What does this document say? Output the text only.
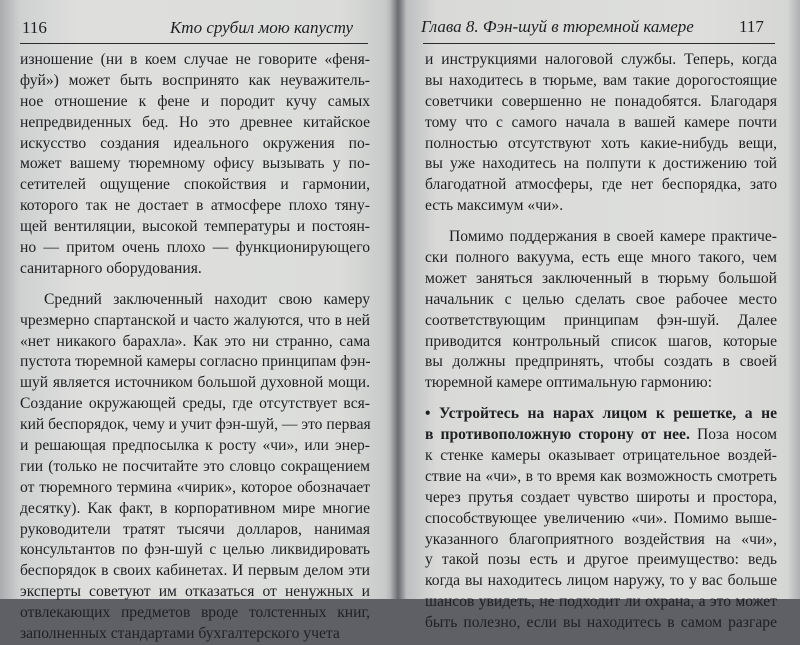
116	Кто срубил мою капусту
изношение (ни в коем случае не говорите «феня-
фуй») может быть воспринято как неуважитель-
ное отношение к фене и породит кучу самых
непредвиденных бед. Но это древнее китайское
искусство создания идеального окружения по-
может вашему тюремному офису вызывать у по-
сетителей ощущение спокойствия и гармонии,
которого так не достает в атмосфере плохо тяну-
щей вентиляции, высокой температуры и постоян-
но — притом очень плохо — функционирующего
санитарного оборудования.
Средний заключенный находит свою камеру
чрезмерно спартанской и часто жалуются, что в ней
«нет никакого барахла». Как это ни странно, сама
пустота тюремной камеры согласно принципам фэн-
шуй является источником большой духовной мощи.
Создание окружающей среды, где отсутствует вся-
кий беспорядок, чему и учит фэн-шуй, — это первая
и решающая предпосылка к росту «чи», или энер-
гии (только не посчитайте это словцо сокращением
от тюремного термина «чирик», которое обозначает
десятку). Как факт, в корпоративном мире многие
руководители тратят тысячи долларов, нанимая
консультантов по фэн-шуй с целью ликвидировать
беспорядок в своих кабинетах. И первым делом эти
эксперты советуют им отказаться от ненужных и
отвлекающих предметов вроде толстенных книг,
заполненных стандартами бухгалтерского учета
Глава 8. Фэн-шуй в тюремной камере	117
и инструкциями налоговой службы. Теперь, когда
вы находитесь в тюрьме, вам такие дорогостоящие
советчики совершенно не понадобятся. Благодаря
тому что с самого начала в вашей камере почти
полностью отсутствуют хоть какие-нибудь вещи,
вы уже находитесь на полпути к достижению той
благодатной атмосферы, где нет беспорядка, зато
есть максимум «чи».
Помимо поддержания в своей камере практиче-
ски полного вакуума, есть еще много такого, чем
может заняться заключенный в тюрьму большой
начальник с целью сделать свое рабочее место
соответствующим принципам фэн-шуй. Далее
приводится контрольный список шагов, которые
вы должны предпринять, чтобы создать в своей
тюремной камере оптимальную гармонию:
• Устройтесь на нарах лицом к решетке, а не
в противоположную сторону от нее. Поза носом
к стенке камеры оказывает отрицательное воздей-
ствие на «чи», в то время как возможность смотреть
через прутья создает чувство широты и простора,
способствующее увеличению «чи». Помимо выше-
указанного благоприятного воздействия на «чи»,
у такой позы есть и другое преимущество: ведь
когда вы находитесь лицом наружу, то у вас больше
шансов увидеть, не подходит ли охрана, а это может
быть полезно, если вы находитесь в самом разгаре
